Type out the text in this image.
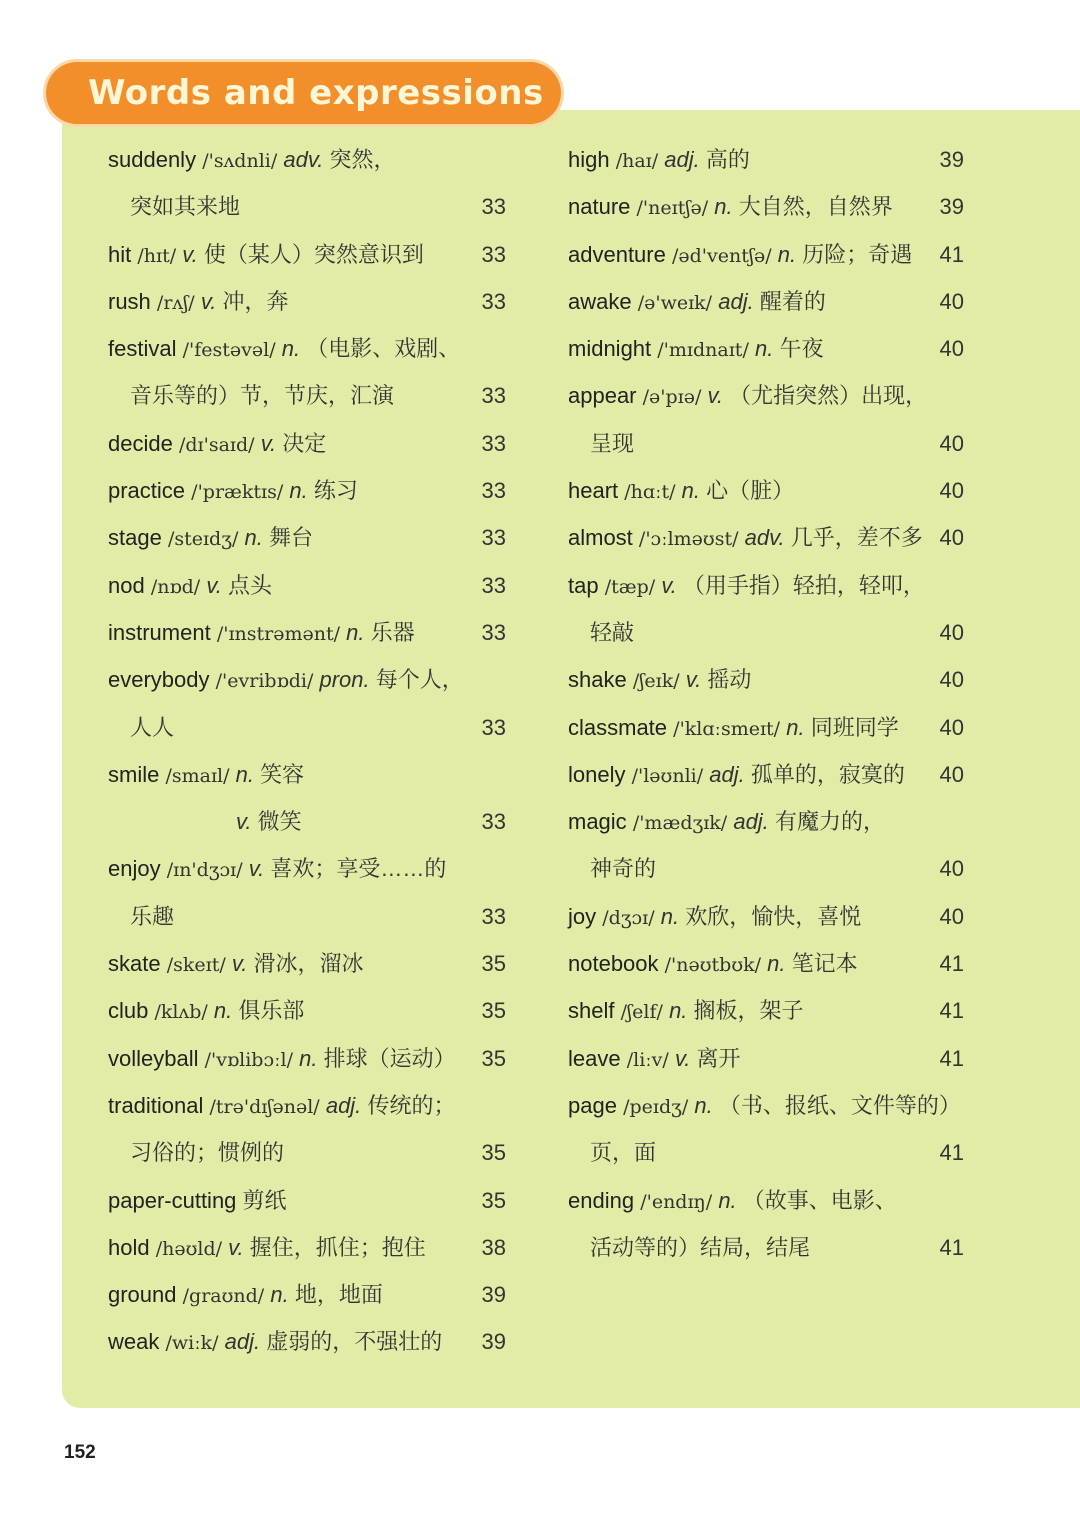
Words and expressions
suddenly /'sʌdnli/ adv. 突然，
突如其来地	33
hit /hɪt/ v. 使（某人）突然意识到	33
rush /rʌʃ/ v. 冲，奔	33
festival /'festəvəl/ n. （电影、戏剧、
音乐等的）节，节庆，汇演	33
decide /dɪ'saɪd/ v. 决定	33
practice /'præktɪs/ n. 练习	33
stage /steɪdʒ/ n. 舞台	33
nod /nɒd/ v. 点头	33
instrument /'ɪnstrəmənt/ n. 乐器	33
everybody /'evribɒdi/ pron. 每个人，
人人	33
smile /smaɪl/ n. 笑容
v. 微笑	33
enjoy /ɪn'dʒɔɪ/ v. 喜欢；享受……的
乐趣	33
skate /skeɪt/ v. 滑冰，溜冰	35
club /klʌb/ n. 俱乐部	35
volleyball /'vɒlibɔːl/ n. 排球（运动） 35
traditional /trə'dɪʃənəl/ adj. 传统的；
习俗的；惯例的	35
paper-cutting 剪纸	35
hold /həʊld/ v. 握住，抓住；抱住	38
ground /graʊnd/ n. 地，地面	39
weak /wiːk/ adj. 虚弱的，不强壮的 39
high /haɪ/ adj. 高的	39
nature /'neɪtʃə/ n. 大自然，自然界 39
adventure /əd'ventʃə/ n. 历险；奇遇 41
awake /ə'weɪk/ adj. 醒着的	40
midnight /'mɪdnaɪt/ n. 午夜	40
appear /ə'pɪə/ v. （尤指突然）出现，
呈现	40
heart /hɑːt/ n. 心（脏）	40
almost /'ɔːlməʊst/ adv. 几乎，差不多 40
tap /tæp/ v. （用手指）轻拍，轻叩，
轻敲	40
shake /ʃeɪk/ v. 摇动	40
classmate /'klɑːsmeɪt/ n. 同班同学 40
lonely /'ləʊnli/ adj. 孤单的，寂寞的 40
magic /'mædʒɪk/ adj. 有魔力的，
神奇的	40
joy /dʒɔɪ/ n. 欢欣，愉快，喜悦	40
notebook /'nəʊtbʊk/ n. 笔记本	41
shelf /ʃelf/ n. 搁板，架子	41
leave /liːv/ v. 离开	41
page /peɪdʒ/ n. （书、报纸、文件等的）
页，面	41
ending /'endɪŋ/ n. （故事、电影、
活动等的）结局，结尾	41
152
